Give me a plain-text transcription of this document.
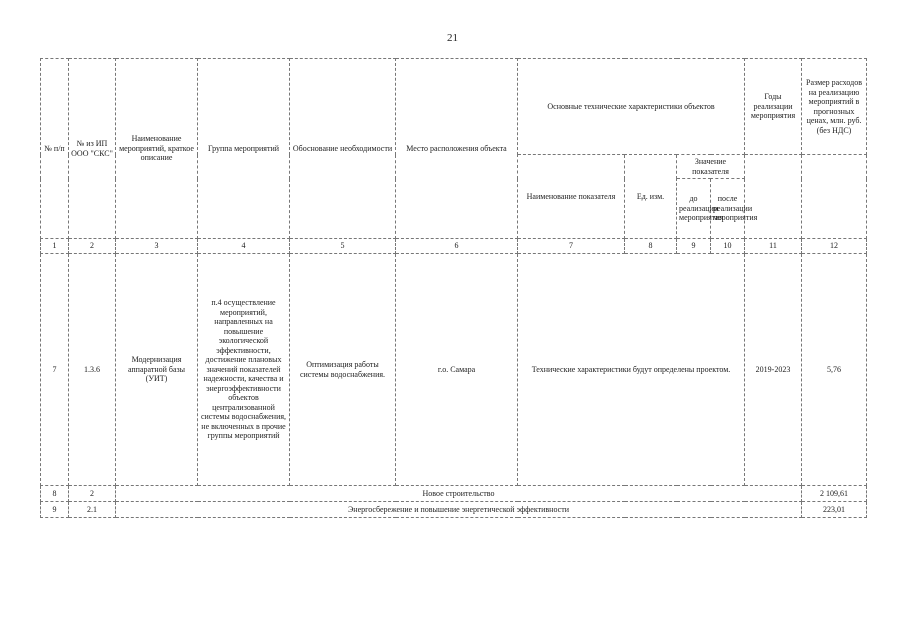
21
№ п/п	№ из ИП ООО "СКС"	Наименование мероприятий, краткое описание	Группа мероприятий	Обоснование необходимости	Место расположения объекта	Основные технические характеристики объектов				Годы реализации мероприятия	Размер расходов на реализацию мероприятий в прогнозных ценах, млн. руб. (без НДС)
						Наименование показателя	Ед. изм.	Значение показателя			
								до реализации мероприятия	после реализации мероприятия		
1	2	3	4	5	6	7	8	9	10	11	12
7	1.3.6	Модернизация аппаратной базы (УИТ)	п.4 осуществление мероприятий, направленных на повышение экологической эффективности, достижение плановых значений показателей надежности, качества и энергоэффективности объектов централизованной системы водоснабжения, не включенных в прочие группы мероприятий	Оптимизация работы системы водоснабжения.	г.о. Самара	Технические характеристики будут определены проектом.				2019-2023	5,76
8	2	Новое строительство									2 109,61
9	2.1	Энергосбережение и повышение энергетической эффективности									223,01
